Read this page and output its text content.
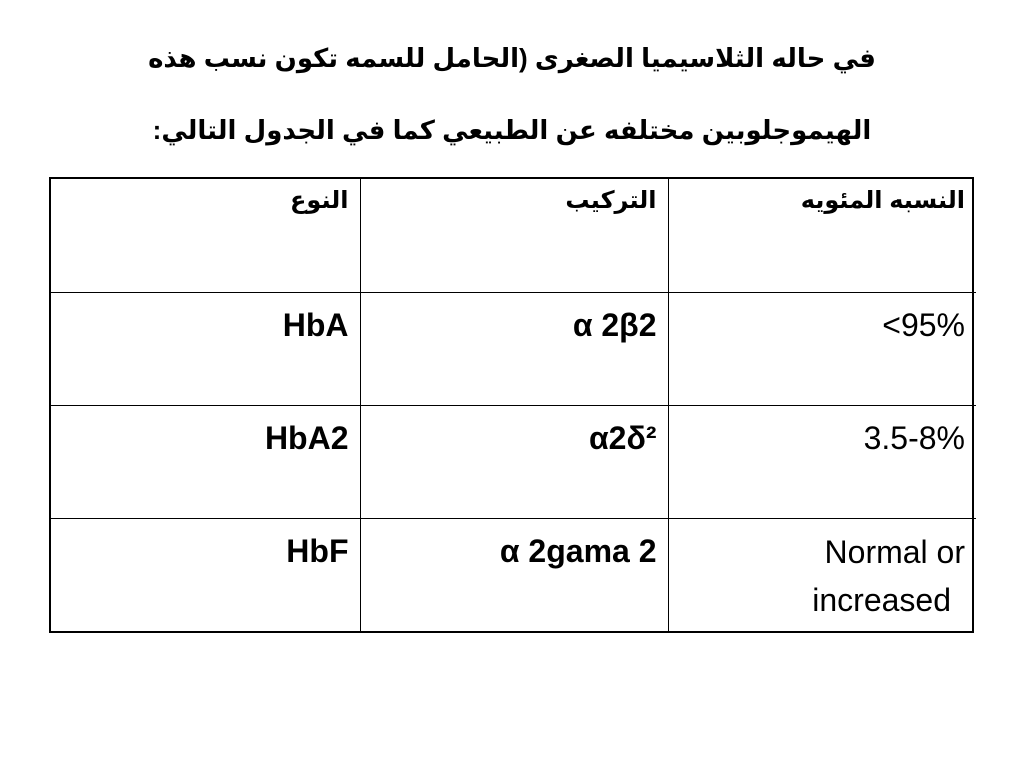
في حاله الثلاسيميا الصغرى (الحامل للسمه تكون نسب هذه
الهيموجلوبين مختلفه عن الطبيعي كما في الجدول التالي:
النوع	التركيب	النسبه المئويه

HbA	α 2β2	<95%

HbA2	α2δ²	3.5-8%

HbF	α 2gama 2	Normal or
increased
